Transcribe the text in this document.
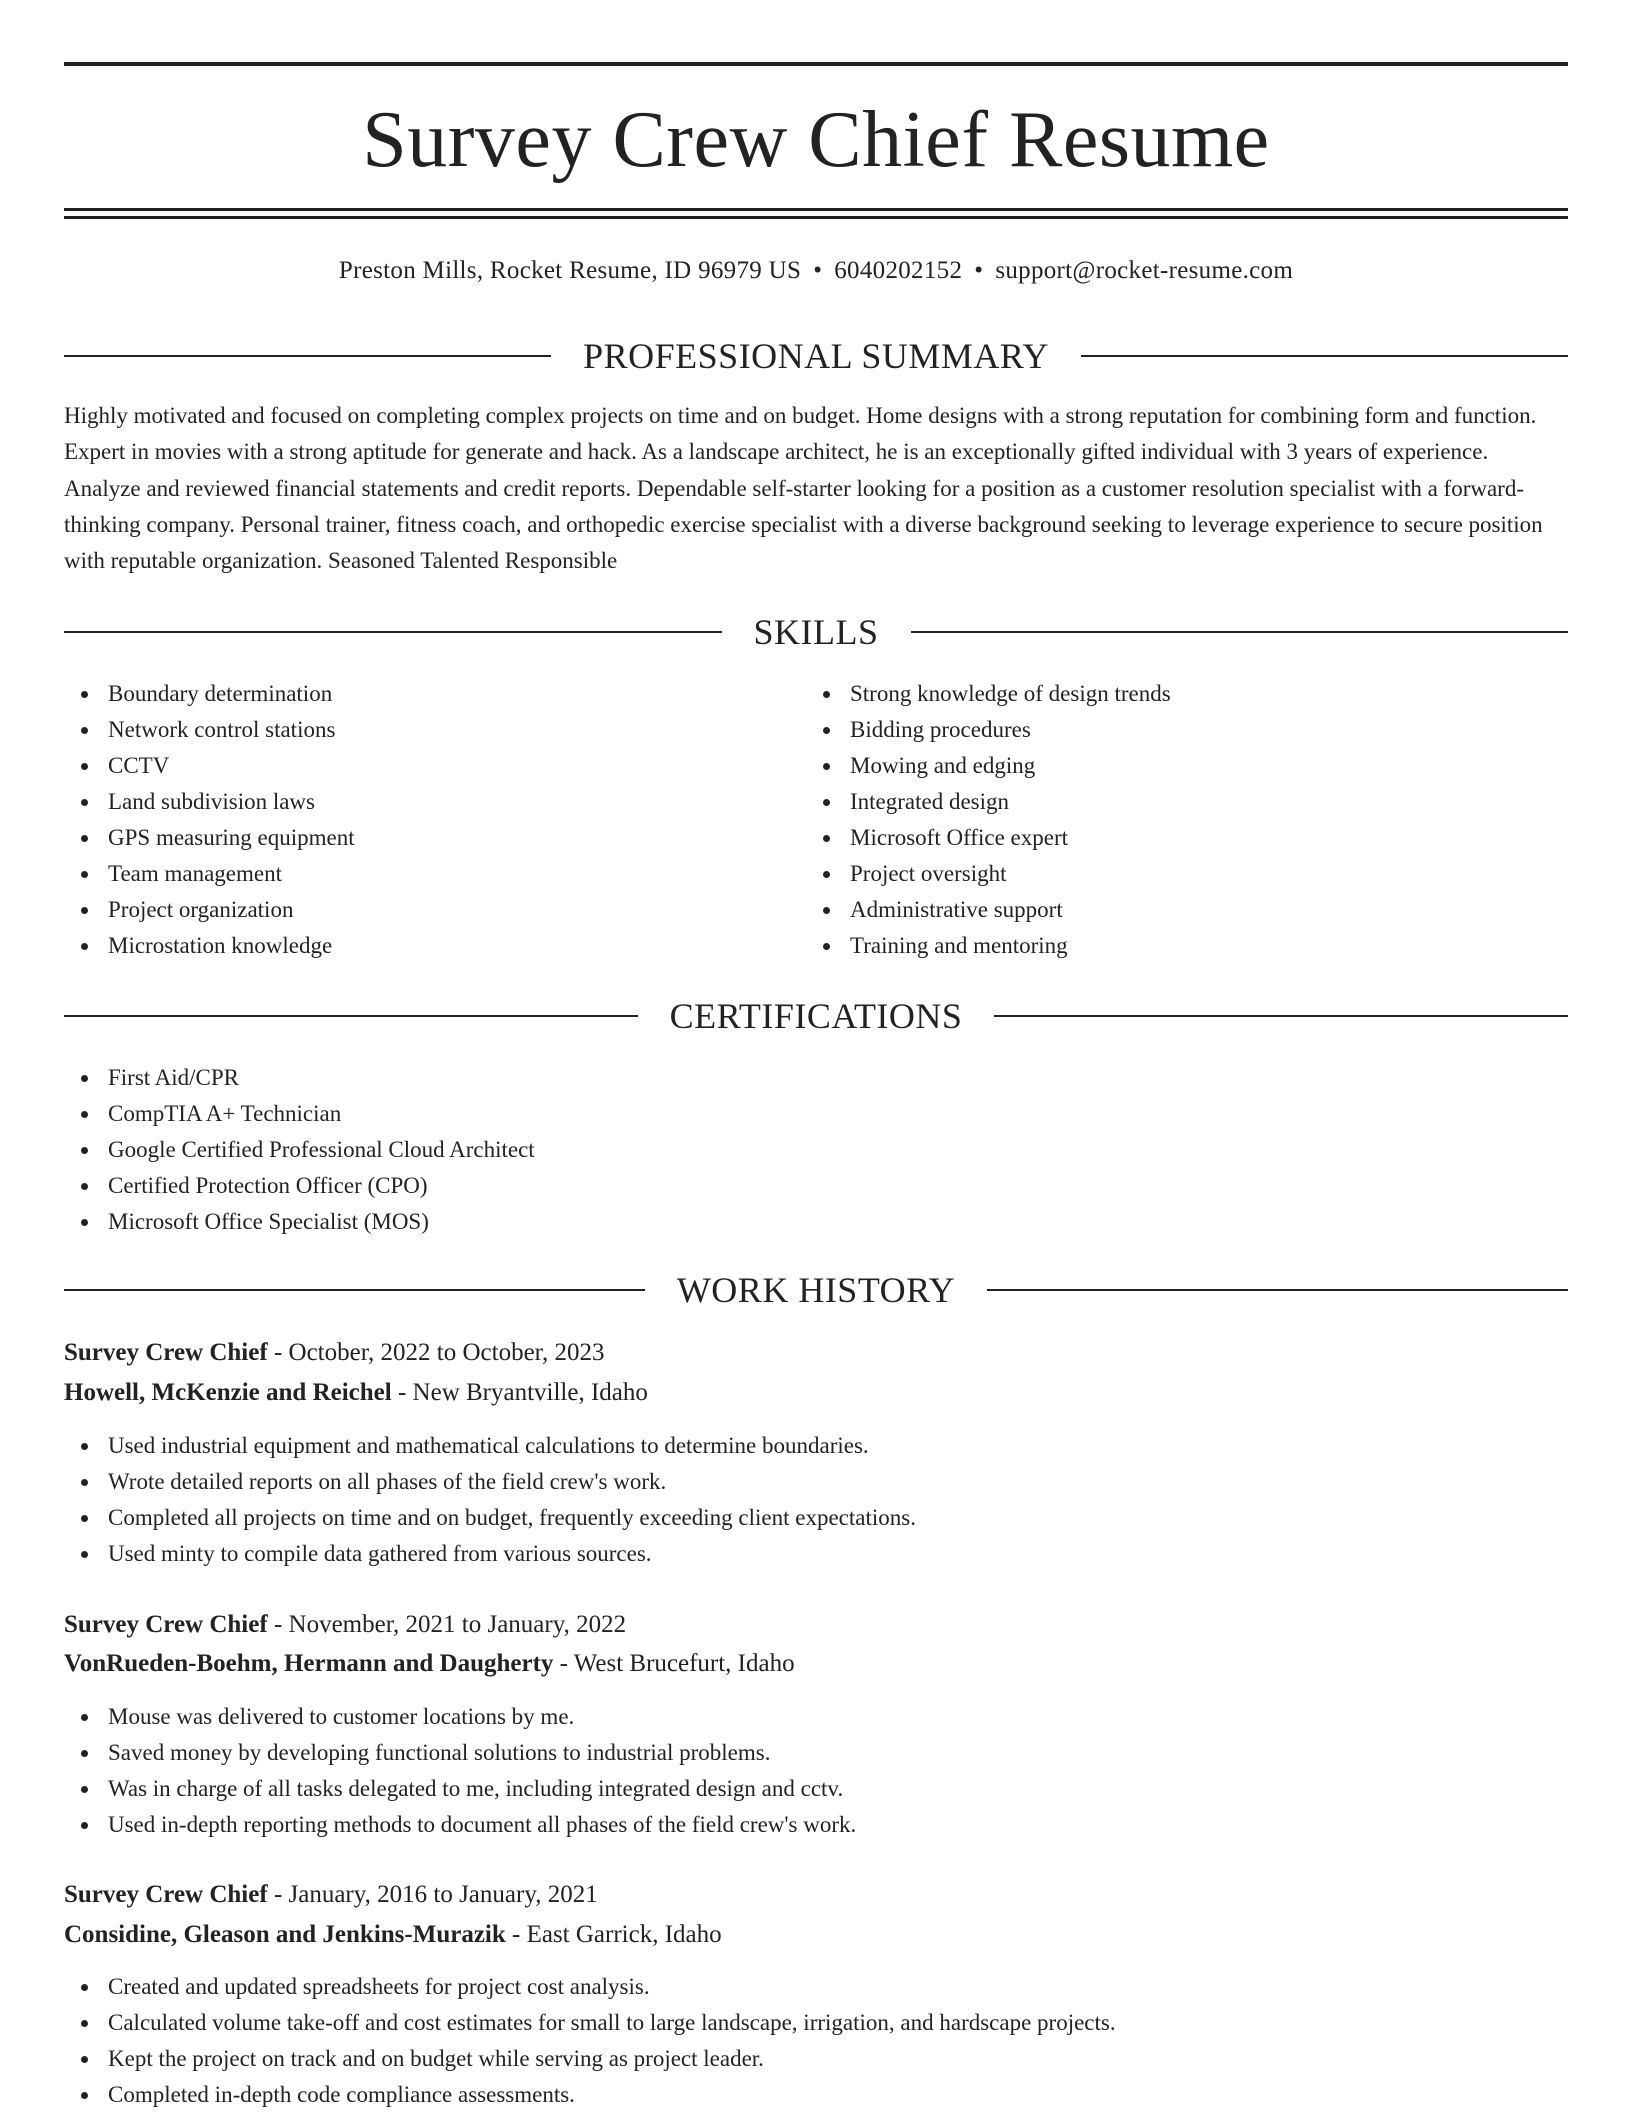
Survey Crew Chief Resume
Preston Mills, Rocket Resume, ID 96979 US • 6040202152 • support@rocket-resume.com
PROFESSIONAL SUMMARY

Highly motivated and focused on completing complex projects on time and on budget. Home designs with a strong reputation for combining form and function. Expert in movies with a strong aptitude for generate and hack. As a landscape architect, he is an exceptionally gifted individual with 3 years of experience. Analyze and reviewed financial statements and credit reports. Dependable self-starter looking for a position as a customer resolution specialist with a forward-thinking company. Personal trainer, fitness coach, and orthopedic exercise specialist with a diverse background seeking to leverage experience to secure position with reputable organization. Seasoned Talented Responsible

SKILLS
Boundary determination
Network control stations
CCTV
Land subdivision laws
GPS measuring equipment
Team management
Project organization
Microstation knowledge
Strong knowledge of design trends
Bidding procedures
Mowing and edging
Integrated design
Microsoft Office expert
Project oversight
Administrative support
Training and mentoring
CERTIFICATIONS
First Aid/CPR
CompTIA A+ Technician
Google Certified Professional Cloud Architect
Certified Protection Officer (CPO)
Microsoft Office Specialist (MOS)
WORK HISTORY
Survey Crew Chief - October, 2022 to October, 2023
Howell, McKenzie and Reichel - New Bryantville, Idaho
Used industrial equipment and mathematical calculations to determine boundaries.
Wrote detailed reports on all phases of the field crew's work.
Completed all projects on time and on budget, frequently exceeding client expectations.
Used minty to compile data gathered from various sources.
Survey Crew Chief - November, 2021 to January, 2022
VonRueden-Boehm, Hermann and Daugherty - West Brucefurt, Idaho
Mouse was delivered to customer locations by me.
Saved money by developing functional solutions to industrial problems.
Was in charge of all tasks delegated to me, including integrated design and cctv.
Used in-depth reporting methods to document all phases of the field crew's work.
Survey Crew Chief - January, 2016 to January, 2021
Considine, Gleason and Jenkins-Murazik - East Garrick, Idaho
Created and updated spreadsheets for project cost analysis.
Calculated volume take-off and cost estimates for small to large landscape, irrigation, and hardscape projects.
Kept the project on track and on budget while serving as project leader.
Completed in-depth code compliance assessments.
